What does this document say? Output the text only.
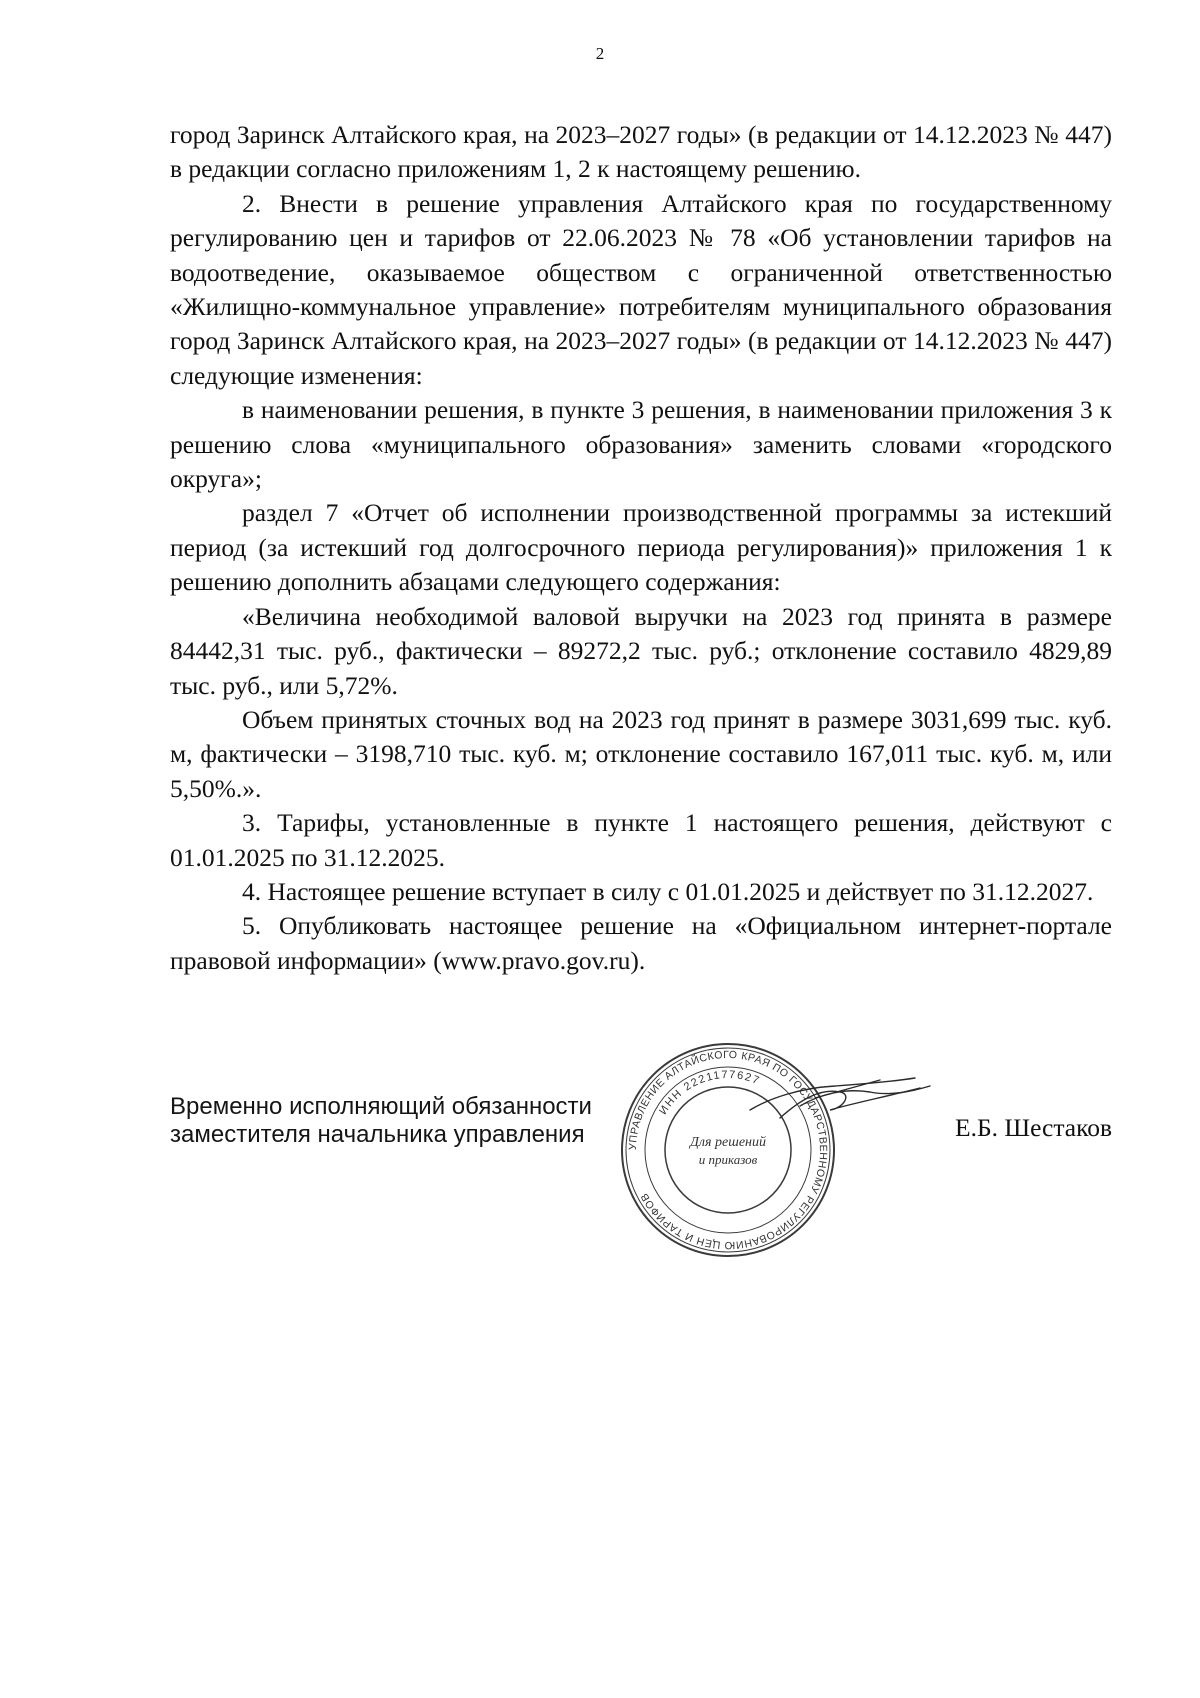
2

город Заринск Алтайского края, на 2023–2027 годы» (в редакции от 14.12.2023 № 447) в редакции согласно приложениям 1, 2 к настоящему решению.

2. Внести в решение управления Алтайского края по государственному регулированию цен и тарифов от 22.06.2023 № 78 «Об установлении тарифов на водоотведение, оказываемое обществом с ограниченной ответственностью «Жилищно-коммунальное управление» потребителям муниципального образования город Заринск Алтайского края, на 2023–2027 годы» (в редакции от 14.12.2023 № 447) следующие изменения:

в наименовании решения, в пункте 3 решения, в наименовании приложения 3 к решению слова «муниципального образования» заменить словами «городского округа»;

раздел 7 «Отчет об исполнении производственной программы за истекший период (за истекший год долгосрочного периода регулирования)» приложения 1 к решению дополнить абзацами следующего содержания:

«Величина необходимой валовой выручки на 2023 год принята в размере 84442,31 тыс. руб., фактически – 89272,2 тыс. руб.; отклонение составило 4829,89 тыс. руб., или 5,72%.

Объем принятых сточных вод на 2023 год принят в размере 3031,699 тыс. куб. м, фактически – 3198,710 тыс. куб. м; отклонение составило 167,011 тыс. куб. м, или 5,50%.».

3. Тарифы, установленные в пункте 1 настоящего решения, действуют с 01.01.2025 по 31.12.2025.

4. Настоящее решение вступает в силу с 01.01.2025 и действует по 31.12.2027.

5. Опубликовать настоящее решение на «Официальном интернет-портале правовой информации» (www.pravo.gov.ru).

Временно исполняющий обязанности
заместителя начальника управления	УПРАВЛЕНИЕ АЛТАЙСКОГО КРАЯ ПО ГОСУДАРСТВЕННОМУ РЕГУЛИРОВАНИЮ ЦЕН И ТАРИФОВ
ИНН 2221177627
Для решений
и приказов
Е.Б. Шестаков
